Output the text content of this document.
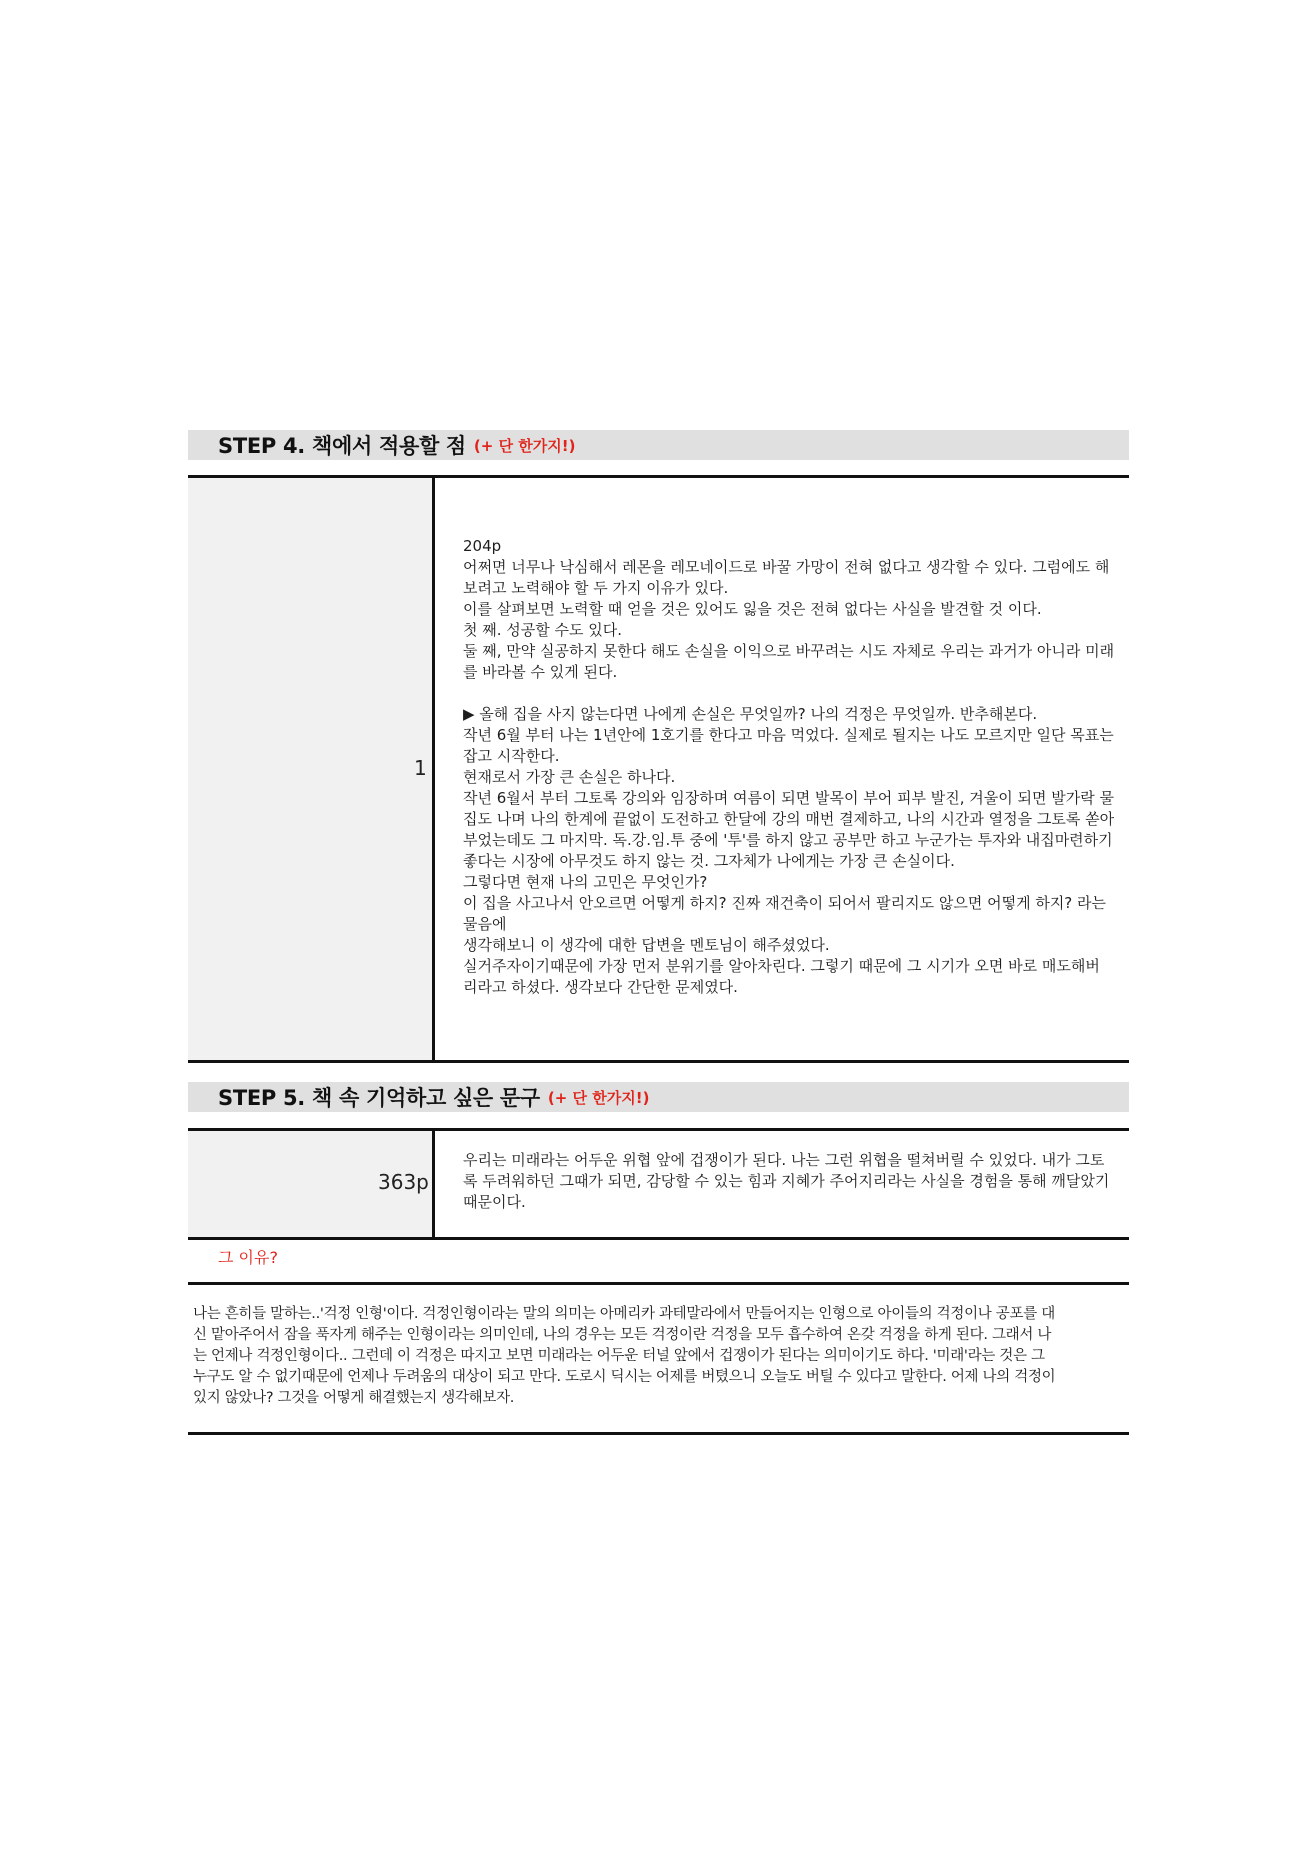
STEP 4. 책에서 적용할 점 (+ 단 한가지!)
1

204p

어쩌면 너무나 낙심해서 레몬을 레모네이드로 바꿀 가망이 전혀 없다고 생각할 수 있다. 그럼에도 해

보려고 노력해야 할 두 가지 이유가 있다.

이를 살펴보면 노력할 때 얻을 것은 있어도 잃을 것은 전혀 없다는 사실을 발견할 것 이다.

첫 째. 성공할 수도 있다.

둘 째, 만약 실공하지 못한다 해도 손실을 이익으로 바꾸려는 시도 자체로 우리는 과거가 아니라 미래

를 바라볼 수 있게 된다.

▶ 올해 집을 사지 않는다면 나에게 손실은 무엇일까? 나의 걱정은 무엇일까. 반추해본다.

작년 6월 부터 나는 1년안에 1호기를 한다고 마음 먹었다. 실제로 될지는 나도 모르지만 일단 목표는

잡고 시작한다.

현재로서 가장 큰 손실은 하나다.

작년 6월서 부터 그토록 강의와 임장하며 여름이 되면 발목이 부어 피부 발진, 겨울이 되면 발가락 물

집도 나며 나의 한계에 끝없이 도전하고 한달에 강의 매번 결제하고, 나의 시간과 열정을 그토록 쏟아

부었는데도 그 마지막. 독.강.임.투 중에 '투'를 하지 않고 공부만 하고 누군가는 투자와 내집마련하기

좋다는 시장에 아무것도 하지 않는 것. 그자체가 나에게는 가장 큰 손실이다.

그렇다면 현재 나의 고민은 무엇인가?

이 집을 사고나서 안오르면 어떻게 하지? 진짜 재건축이 되어서 팔리지도 않으면 어떻게 하지? 라는

물음에

생각해보니 이 생각에 대한 답변을 멘토님이 해주셨었다.

실거주자이기때문에 가장 먼저 분위기를 알아차린다. 그렇기 때문에 그 시기가 오면 바로 매도해버

리라고 하셨다. 생각보다 간단한 문제였다.

STEP 5. 책 속 기억하고 싶은 문구 (+ 단 한가지!)
363p

우리는 미래라는 어두운 위협 앞에 겁쟁이가 된다. 나는 그런 위협을 떨쳐버릴 수 있었다. 내가 그토

록 두려워하던 그때가 되면, 감당할 수 있는 힘과 지혜가 주어지리라는 사실을 경험을 통해 깨달았기

때문이다.

그 이유?

나는 흔히들 말하는..'걱정 인형'이다. 걱정인형이라는 말의 의미는 아메리카 과테말라에서 만들어지는 인형으로 아이들의 걱정이나 공포를 대

신 맡아주어서 잠을 푹자게 해주는 인형이라는 의미인데, 나의 경우는 모든 걱정이란 걱정을 모두 흡수하여 온갖 걱정을 하게 된다. 그래서 나

는 언제나 걱정인형이다.. 그런데 이 걱정은 따지고 보면 미래라는 어두운 터널 앞에서 겁쟁이가 된다는 의미이기도 하다. '미래'라는 것은 그

누구도 알 수 없기때문에 언제나 두려움의 대상이 되고 만다. 도로시 딕시는 어제를 버텼으니 오늘도 버틸 수 있다고 말한다. 어제 나의 걱정이

있지 않았나? 그것을 어떻게 해결했는지 생각해보자.
